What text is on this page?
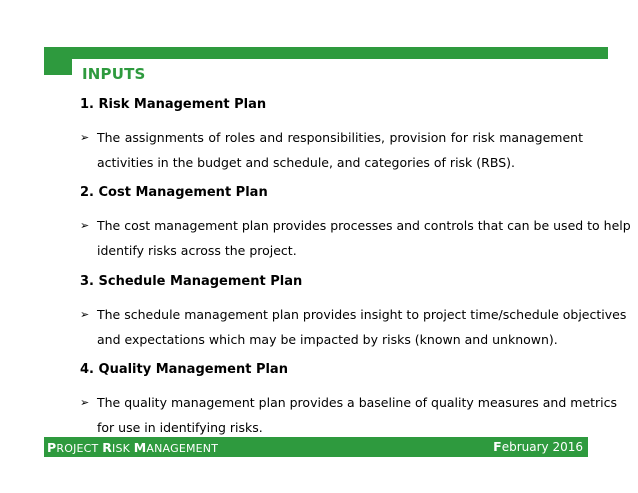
INPUTS
1. Risk Management Plan
➢ The assignments of roles and responsibilities, provision for risk management
activities in the budget and schedule, and categories of risk (RBS).
2. Cost Management Plan
➢ The cost management plan provides processes and controls that can be used to help
identify risks across the project.
3. Schedule Management Plan
➢ The schedule management plan provides insight to project time/schedule objectives
and expectations which may be impacted by risks (known and unknown).
4. Quality Management Plan
➢ The quality management plan provides a baseline of quality measures and metrics
for use in identifying risks.
PROJECT RISK MANAGEMENT	February 2016
